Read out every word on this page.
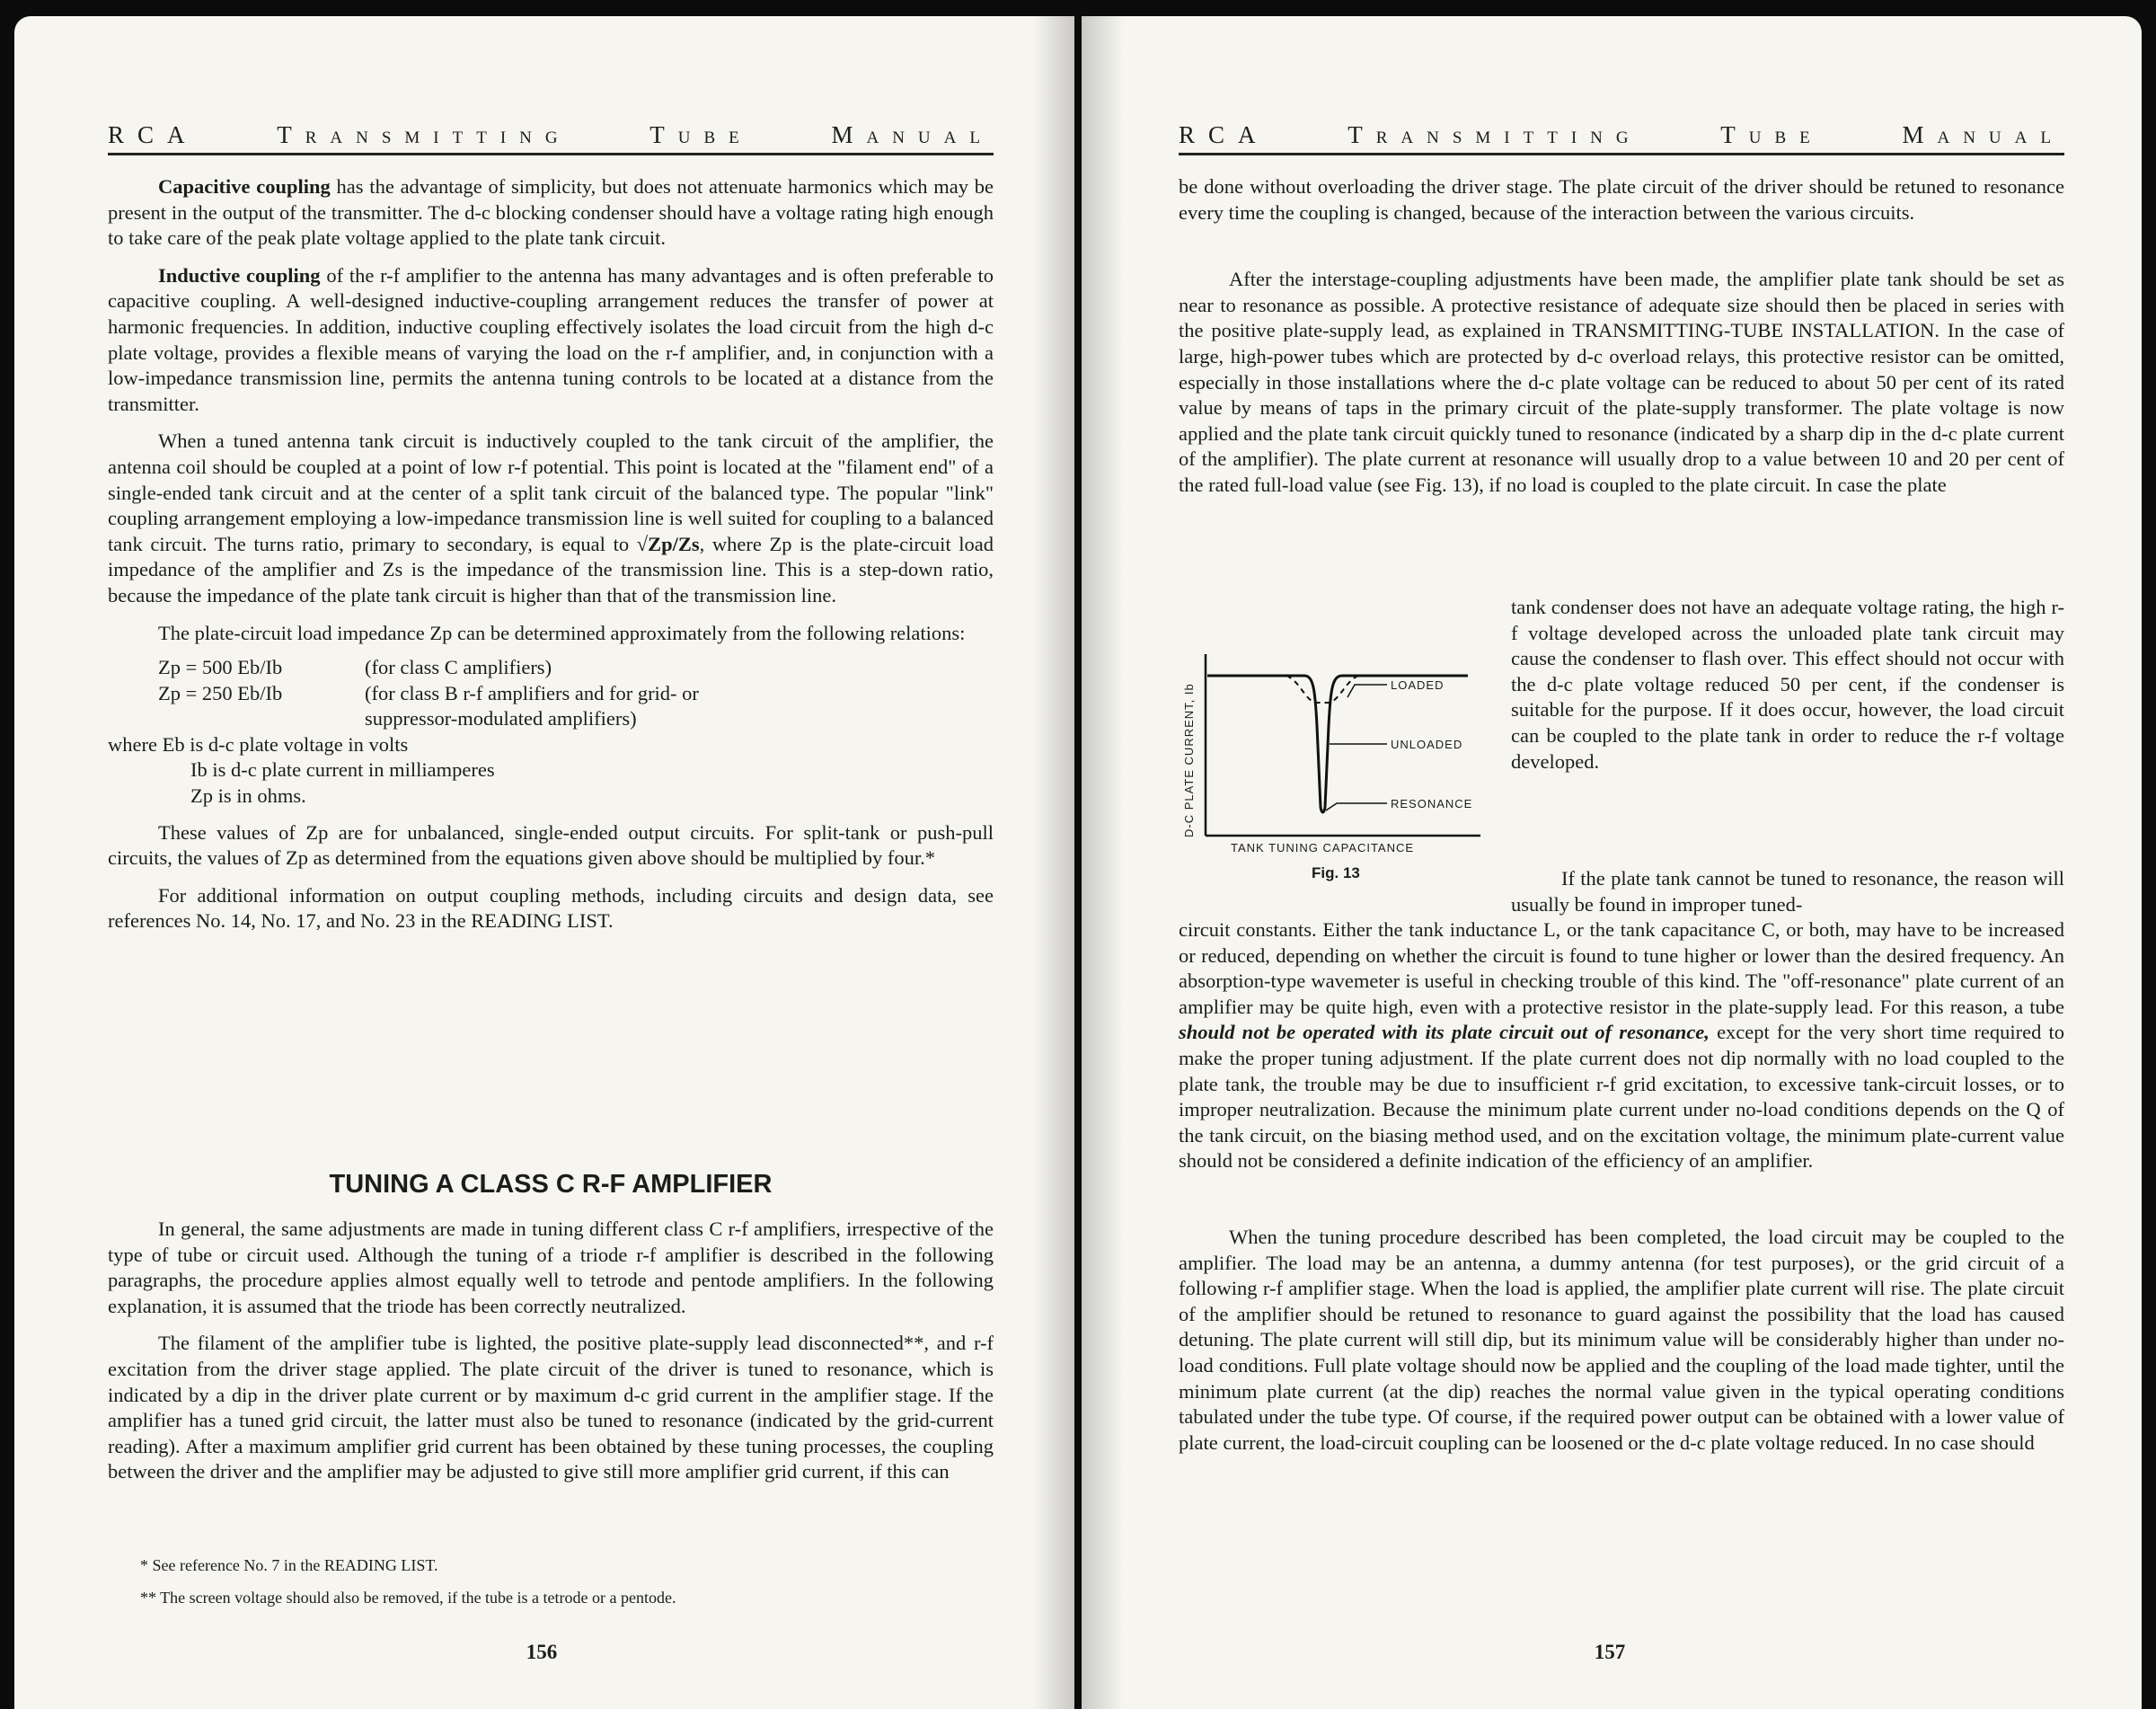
RCA	Transmitting	Tube	Manual

Capacitive coupling has the advantage of simplicity, but does not attenuate harmonics which may be present in the output of the transmitter. The d-c blocking condenser should have a voltage rating high enough to take care of the peak plate voltage applied to the plate tank circuit.

Inductive coupling of the r-f amplifier to the antenna has many advantages and is often preferable to capacitive coupling. A well-designed inductive-coupling arrangement reduces the transfer of power at harmonic frequencies. In addition, inductive coupling effectively isolates the load circuit from the high d-c plate voltage, provides a flexible means of varying the load on the r-f amplifier, and, in conjunction with a low-impedance transmission line, permits the antenna tuning controls to be located at a distance from the transmitter.

When a tuned antenna tank circuit is inductively coupled to the tank circuit of the amplifier, the antenna coil should be coupled at a point of low r-f potential. This point is located at the "filament end" of a single-ended tank circuit and at the center of a split tank circuit of the balanced type. The popular "link" coupling arrangement employing a low-impedance transmission line is well suited for coupling to a balanced tank circuit. The turns ratio, primary to secondary, is equal to √Zp/Zs, where Zp is the plate-circuit load impedance of the amplifier and Zs is the impedance of the transmission line. This is a step-down ratio, because the impedance of the plate tank circuit is higher than that of the transmission line.

The plate-circuit load impedance Zp can be determined approximately from the following relations:

Zp = 500 Eb/Ib	(for class C amplifiers)
Zp = 250 Eb/Ib	(for class B r-f amplifiers and for grid- or
suppressor-modulated amplifiers)
where Eb is d-c plate voltage in volts
Ib is d-c plate current in milliamperes
Zp is in ohms.

These values of Zp are for unbalanced, single-ended output circuits. For split-tank or push-pull circuits, the values of Zp as determined from the equations given above should be multiplied by four.*

For additional information on output coupling methods, including circuits and design data, see references No. 14, No. 17, and No. 23 in the READING LIST.

TUNING A CLASS C R-F AMPLIFIER

In general, the same adjustments are made in tuning different class C r-f amplifiers, irrespective of the type of tube or circuit used. Although the tuning of a triode r-f amplifier is described in the following paragraphs, the procedure applies almost equally well to tetrode and pentode amplifiers. In the following explanation, it is assumed that the triode has been correctly neutralized.

The filament of the amplifier tube is lighted, the positive plate-supply lead disconnected**, and r-f excitation from the driver stage applied. The plate circuit of the driver is tuned to resonance, which is indicated by a dip in the driver plate current or by maximum d-c grid current in the amplifier stage. If the amplifier has a tuned grid circuit, the latter must also be tuned to resonance (indicated by the grid-current reading). After a maximum amplifier grid current has been obtained by these tuning processes, the coupling between the driver and the amplifier may be adjusted to give still more amplifier grid current, if this can

* See reference No. 7 in the READING LIST.
** The screen voltage should also be removed, if the tube is a tetrode or a pentode.
156
RCA	Transmitting	Tube	Manual

be done without overloading the driver stage. The plate circuit of the driver should be retuned to resonance every time the coupling is changed, because of the interaction between the various circuits.

After the interstage-coupling adjustments have been made, the amplifier plate tank should be set as near to resonance as possible. A protective resistance of adequate size should then be placed in series with the positive plate-supply lead, as explained in TRANSMITTING-TUBE INSTALLATION. In the case of large, high-power tubes which are protected by d-c overload relays, this protective resistor can be omitted, especially in those installations where the d-c plate voltage can be reduced to about 50 per cent of its rated value by means of taps in the primary circuit of the plate-supply transformer. The plate voltage is now applied and the plate tank circuit quickly tuned to resonance (indicated by a sharp dip in the d-c plate current of the amplifier). The plate current at resonance will usually drop to a value between 10 and 20 per cent of the rated full-load value (see Fig. 13), if no load is coupled to the plate circuit. In case the plate

LOADED
UNLOADED
RESONANCE
D-C PLATE CURRENT, Ib
TANK TUNING CAPACITANCE
Fig. 13
tank condenser does not have an adequate voltage rating, the high r-f voltage developed across the unloaded plate tank circuit may cause the condenser to flash over. This effect should not occur with the d-c plate voltage reduced 50 per cent, if the condenser is suitable for the purpose. If it does occur, however, the load circuit can be coupled to the plate tank in order to reduce the r-f voltage developed.
If the plate tank cannot be tuned to resonance, the reason will usually be found in improper tuned-

circuit constants. Either the tank inductance L, or the tank capacitance C, or both, may have to be increased or reduced, depending on whether the circuit is found to tune higher or lower than the desired frequency. An absorption-type wavemeter is useful in checking trouble of this kind. The "off-resonance" plate current of an amplifier may be quite high, even with a protective resistor in the plate-supply lead. For this reason, a tube should not be operated with its plate circuit out of resonance, except for the very short time required to make the proper tuning adjustment. If the plate current does not dip normally with no load coupled to the plate tank, the trouble may be due to insufficient r-f grid excitation, to excessive tank-circuit losses, or to improper neutralization. Because the minimum plate current under no-load conditions depends on the Q of the tank circuit, on the biasing method used, and on the excitation voltage, the minimum plate-current value should not be considered a definite indication of the efficiency of an amplifier.

When the tuning procedure described has been completed, the load circuit may be coupled to the amplifier. The load may be an antenna, a dummy antenna (for test purposes), or the grid circuit of a following r-f amplifier stage. When the load is applied, the amplifier plate current will rise. The plate circuit of the amplifier should be retuned to resonance to guard against the possibility that the load has caused detuning. The plate current will still dip, but its minimum value will be considerably higher than under no-load conditions. Full plate voltage should now be applied and the coupling of the load made tighter, until the minimum plate current (at the dip) reaches the normal value given in the typical operating conditions tabulated under the tube type. Of course, if the required power output can be obtained with a lower value of plate current, the load-circuit coupling can be loosened or the d-c plate voltage reduced. In no case should

157
